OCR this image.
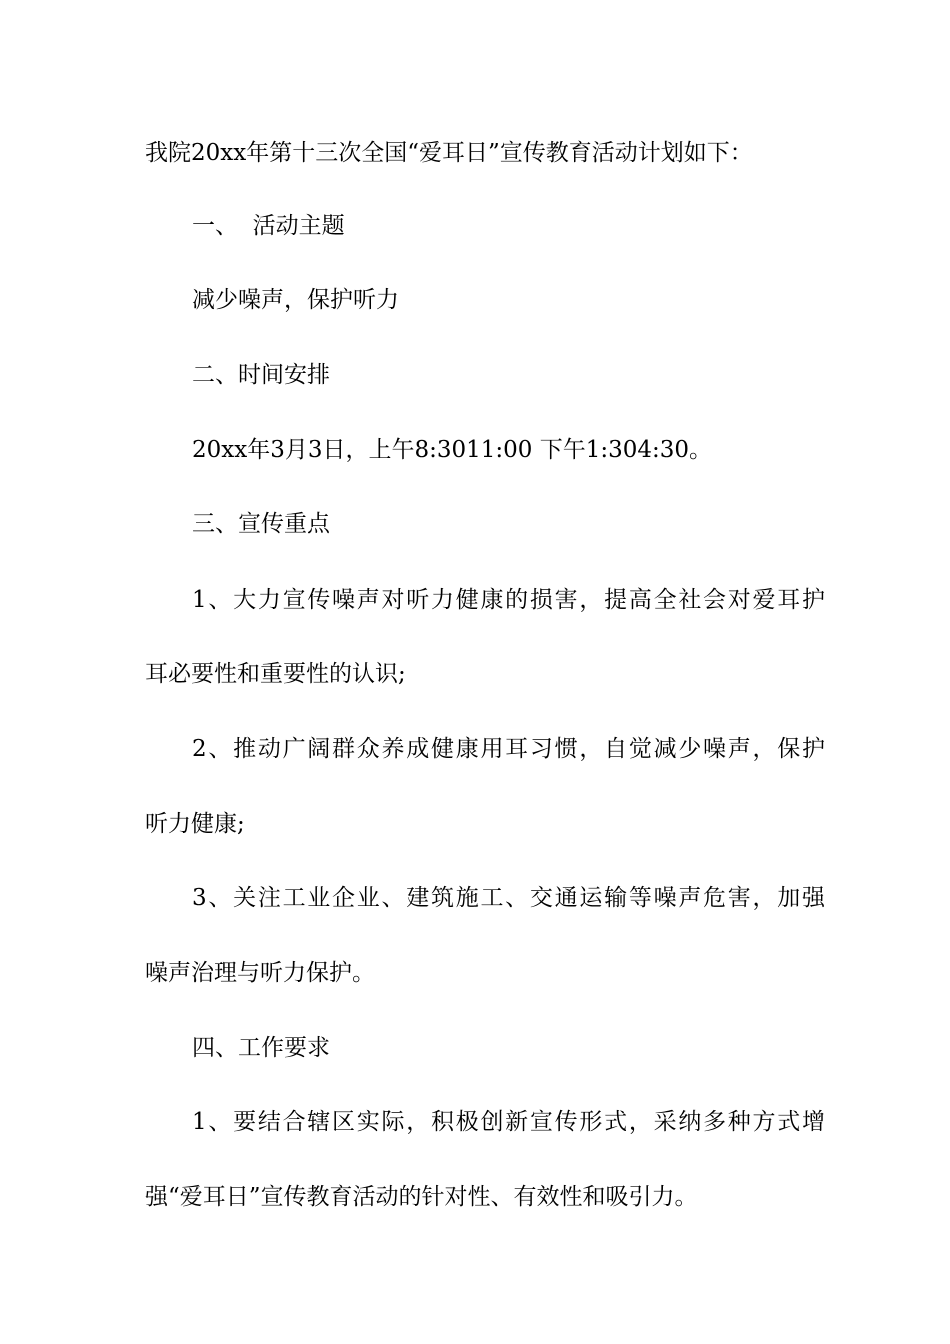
我院20xx年第十三次全国“爱耳日”宣传教育活动计划如下：
一、  活动主题
减少噪声，保护听力
二、时间安排
20xx年3月3日，上午8:3011:00 下午1:304:30。
三、宣传重点
1、大力宣传噪声对听力健康的损害，提高全社会对爱耳护
耳必要性和重要性的认识;
2、推动广阔群众养成健康用耳习惯，自觉减少噪声，保护
听力健康;
3、关注工业企业、建筑施工、交通运输等噪声危害，加强
噪声治理与听力保护。
四、工作要求
1、要结合辖区实际，积极创新宣传形式，采纳多种方式增
强“爱耳日”宣传教育活动的针对性、有效性和吸引力。
